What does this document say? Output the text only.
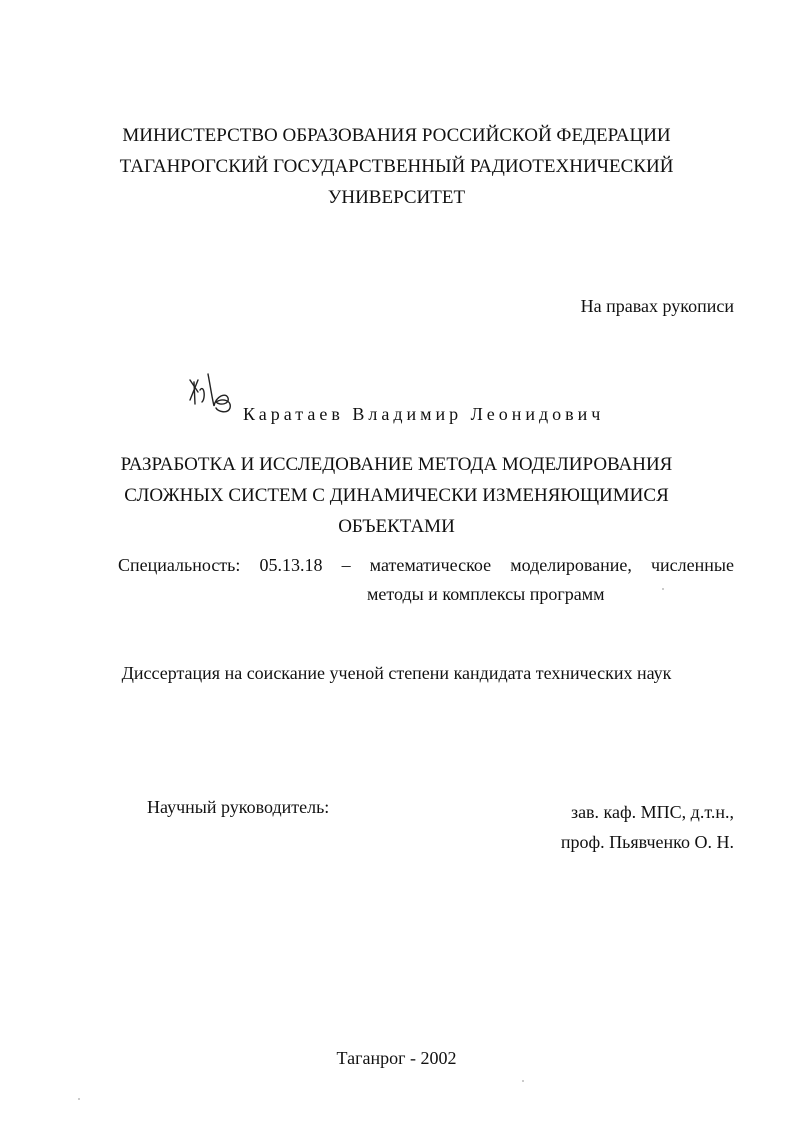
МИНИСТЕРСТВО ОБРАЗОВАНИЯ РОССИЙСКОЙ ФЕДЕРАЦИИ
ТАГАНРОГСКИЙ ГОСУДАРСТВЕННЫЙ РАДИОТЕХНИЧЕСКИЙ
УНИВЕРСИТЕТ
На правах рукописи
Каратаев Владимир Леонидович
РАЗРАБОТКА И ИССЛЕДОВАНИЕ МЕТОДА МОДЕЛИРОВАНИЯ
СЛОЖНЫХ СИСТЕМ С ДИНАМИЧЕСКИ ИЗМЕНЯЮЩИМИСЯ
ОБЪЕКТАМИ
Специальность: 05.13.18 – математическое моделирование, численные
методы и комплексы программ
Диссертация на соискание ученой степени кандидата технических наук
Научный руководитель:	зав. каф. МПС, д.т.н.,
проф. Пьявченко О. Н.
Таганрог - 2002
